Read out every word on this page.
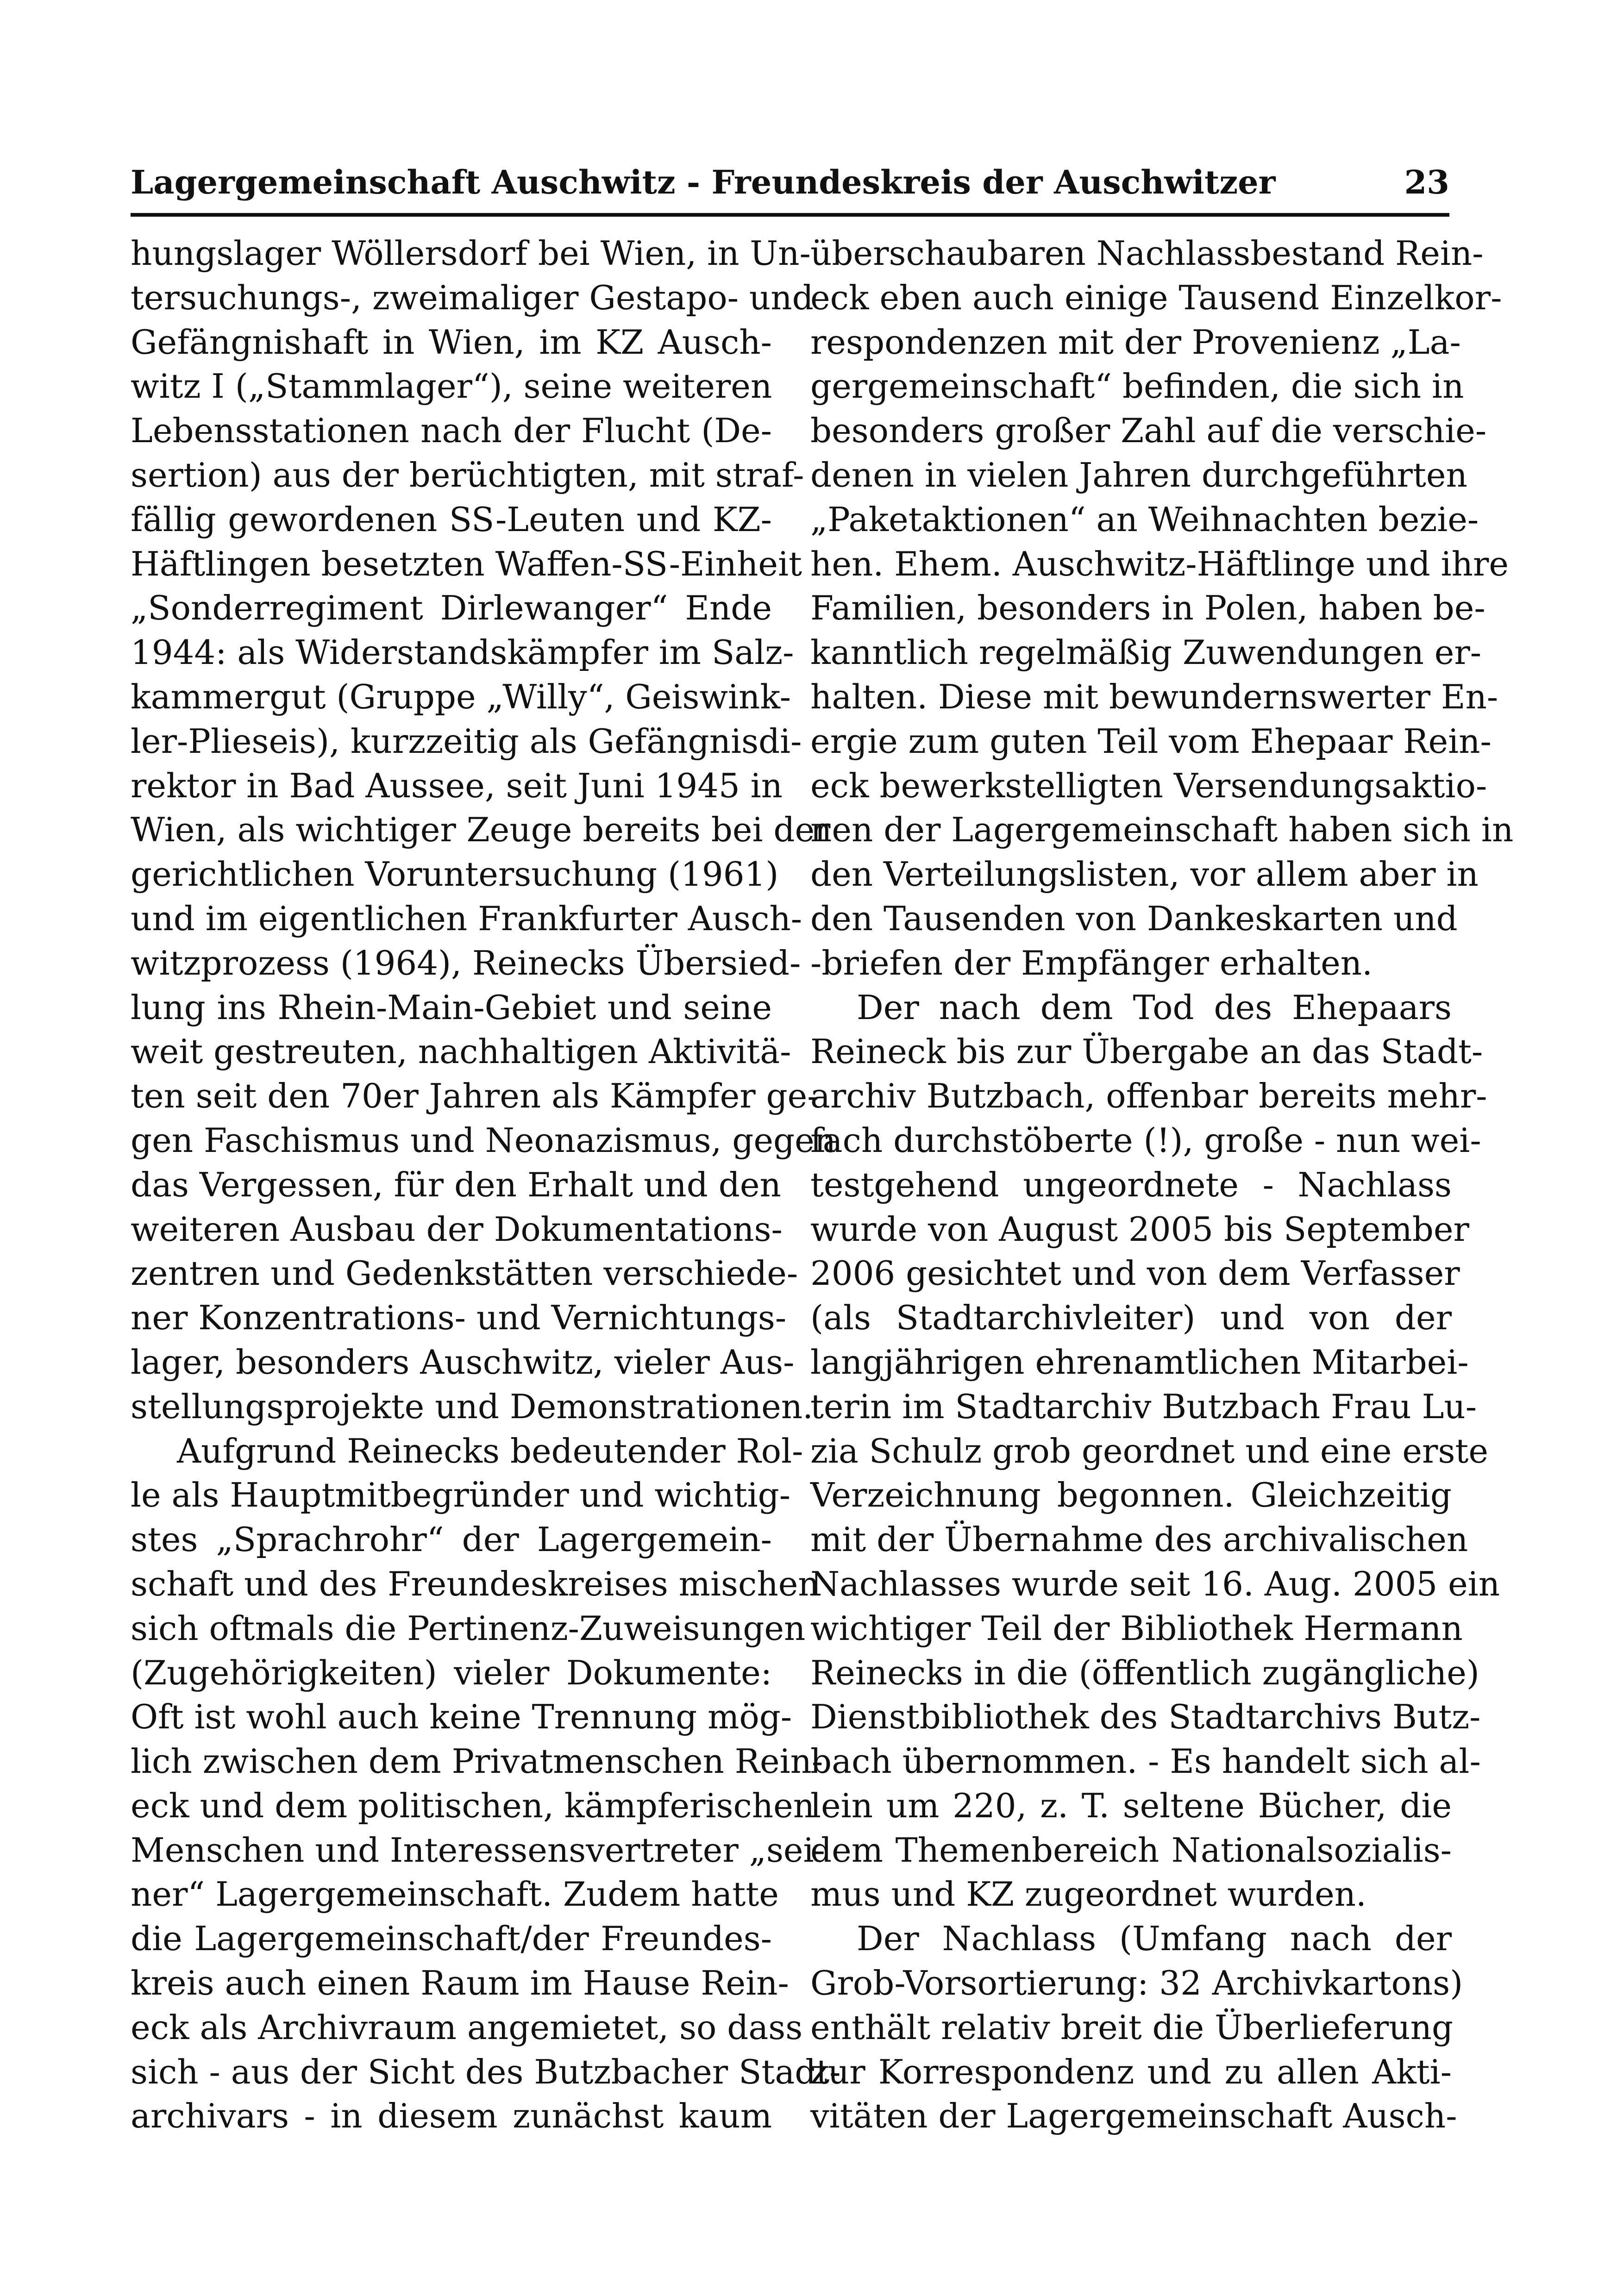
Lagergemeinschaft Auschwitz - Freundeskreis der Auschwitzer	23
hungslager Wöllersdorf bei Wien, in Un-
tersuchungs-, zweimaliger Gestapo- und
Gefängnishaft in Wien, im KZ Ausch-
witz I („Stammlager“), seine weiteren
Lebensstationen nach der Flucht (De-
sertion) aus der berüchtigten, mit straf-
fällig gewordenen SS-Leuten und KZ-
Häftlingen besetzten Waffen-SS-Einheit
„Sonderregiment Dirlewanger“ Ende
1944: als Widerstandskämpfer im Salz-
kammergut (Gruppe „Willy“, Geiswink-
ler-Plieseis), kurzzeitig als Gefängnisdi-
rektor in Bad Aussee, seit Juni 1945 in
Wien, als wichtiger Zeuge bereits bei der
gerichtlichen Voruntersuchung (1961)
und im eigentlichen Frankfurter Ausch-
witzprozess (1964), Reinecks Übersied-
lung ins Rhein-Main-Gebiet und seine
weit gestreuten, nachhaltigen Aktivitä-
ten seit den 70er Jahren als Kämpfer ge-
gen Faschismus und Neonazismus, gegen
das Vergessen, für den Erhalt und den
weiteren Ausbau der Dokumentations-
zentren und Gedenkstätten verschiede-
ner Konzentrations- und Vernichtungs-
lager, besonders Auschwitz, vieler Aus-
stellungsprojekte und Demonstrationen.
Aufgrund Reinecks bedeutender Rol-
le als Hauptmitbegründer und wichtig-
stes „Sprachrohr“ der Lagergemein-
schaft und des Freundeskreises mischen
sich oftmals die Pertinenz-Zuweisungen
(Zugehörigkeiten) vieler Dokumente:
Oft ist wohl auch keine Trennung mög-
lich zwischen dem Privatmenschen Rein-
eck und dem politischen, kämpferischen
Menschen und Interessensvertreter „sei-
ner“ Lagergemeinschaft. Zudem hatte
die Lagergemeinschaft/der Freundes-
kreis auch einen Raum im Hause Rein-
eck als Archivraum angemietet, so dass
sich - aus der Sicht des Butzbacher Stadt-
archivars - in diesem zunächst kaum
überschaubaren Nachlassbestand Rein-
eck eben auch einige Tausend Einzelkor-
respondenzen mit der Provenienz „La-
gergemeinschaft“ befinden, die sich in
besonders großer Zahl auf die verschie-
denen in vielen Jahren durchgeführten
„Paketaktionen“ an Weihnachten bezie-
hen. Ehem. Auschwitz-Häftlinge und ihre
Familien, besonders in Polen, haben be-
kanntlich regelmäßig Zuwendungen er-
halten. Diese mit bewundernswerter En-
ergie zum guten Teil vom Ehepaar Rein-
eck bewerkstelligten Versendungsaktio-
nen der Lagergemeinschaft haben sich in
den Verteilungslisten, vor allem aber in
den Tausenden von Dankeskarten und
-briefen der Empfänger erhalten.
Der nach dem Tod des Ehepaars
Reineck bis zur Übergabe an das Stadt-
archiv Butzbach, offenbar bereits mehr-
fach durchstöberte (!), große - nun wei-
testgehend ungeordnete - Nachlass
wurde von August 2005 bis September
2006 gesichtet und von dem Verfasser
(als Stadtarchivleiter) und von der
langjährigen ehrenamtlichen Mitarbei-
terin im Stadtarchiv Butzbach Frau Lu-
zia Schulz grob geordnet und eine erste
Verzeichnung begonnen. Gleichzeitig
mit der Übernahme des archivalischen
Nachlasses wurde seit 16. Aug. 2005 ein
wichtiger Teil der Bibliothek Hermann
Reinecks in die (öffentlich zugängliche)
Dienstbibliothek des Stadtarchivs Butz-
bach übernommen. - Es handelt sich al-
lein um 220, z. T. seltene Bücher, die
dem Themenbereich Nationalsozialis-
mus und KZ zugeordnet wurden.
Der Nachlass (Umfang nach der
Grob-Vorsortierung: 32 Archivkartons)
enthält relativ breit die Überlieferung
zur Korrespondenz und zu allen Akti-
vitäten der Lagergemeinschaft Ausch-
